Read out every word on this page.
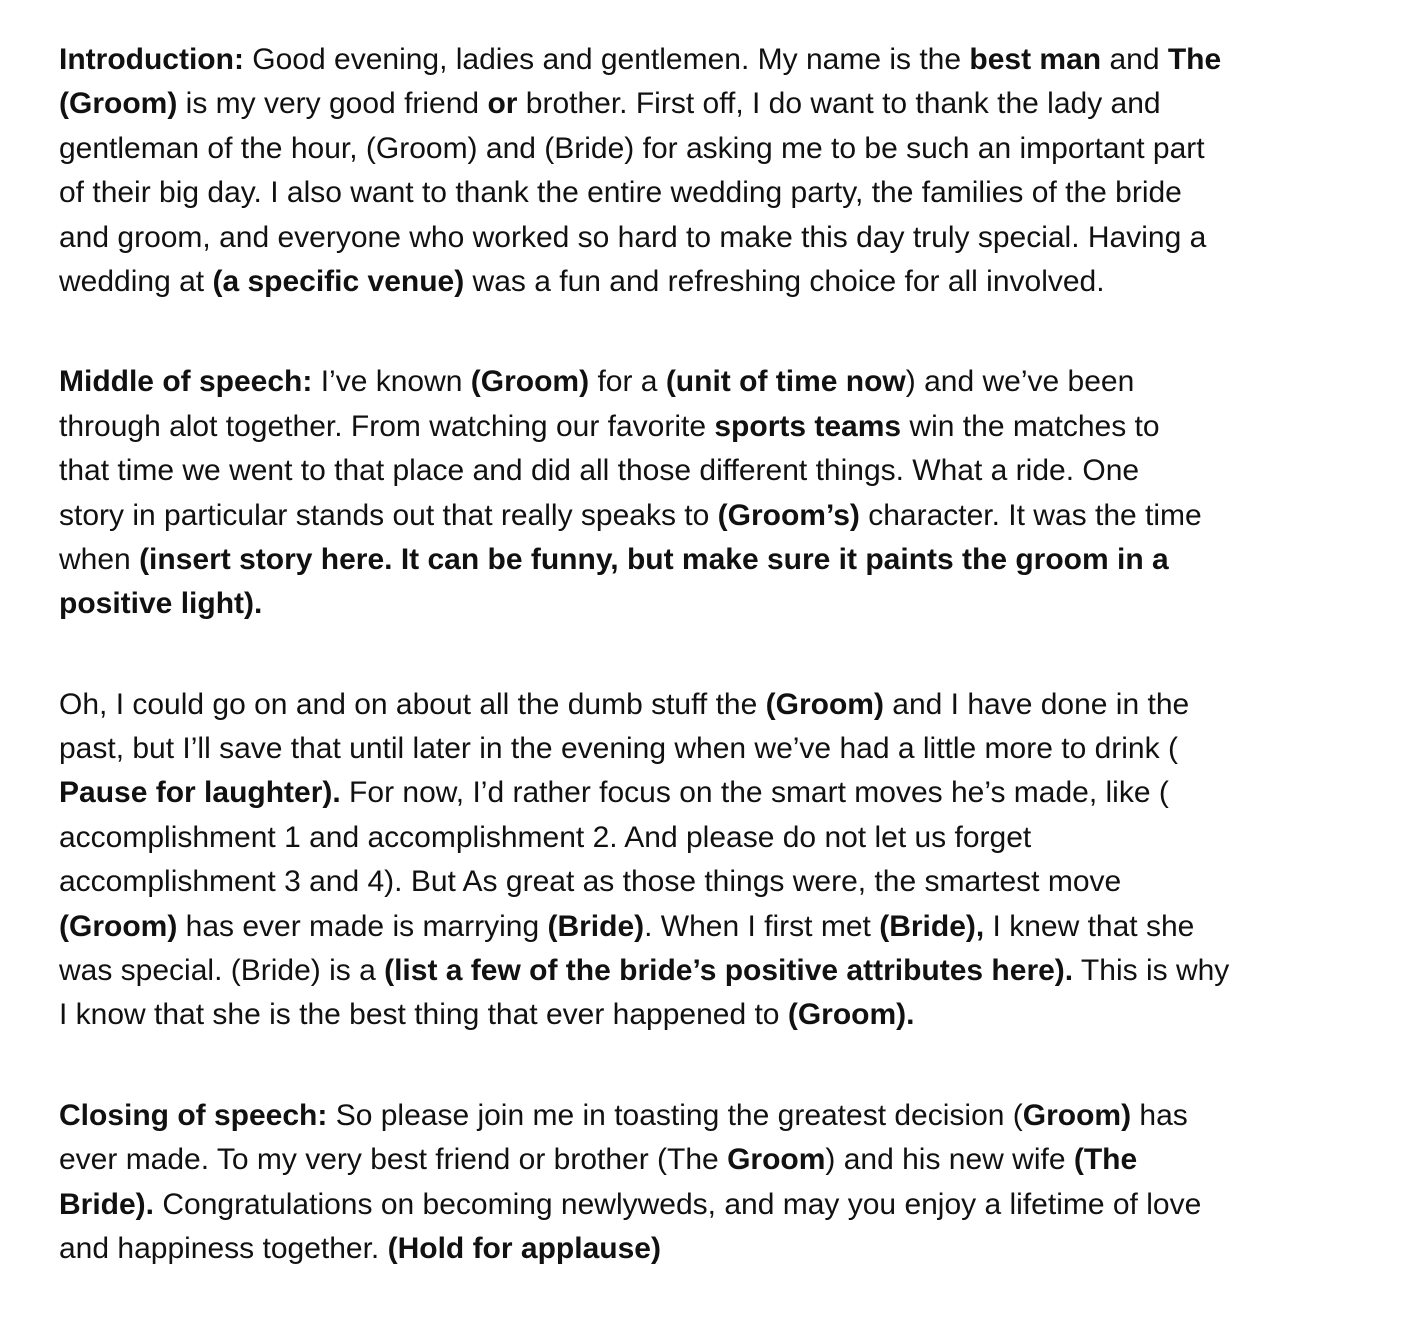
Introduction: Good evening, ladies and gentlemen. My name is the best man and The
(Groom) is my very good friend or brother. First off, I do want to thank the lady and
gentleman of the hour, (Groom) and (Bride) for asking me to be such an important part
of their big day. I also want to thank the entire wedding party, the families of the bride
and groom, and everyone who worked so hard to make this day truly special. Having a
wedding at (a specific venue) was a fun and refreshing choice for all involved.

Middle of speech: I’ve known (Groom) for a (unit of time now) and we’ve been
through alot together. From watching our favorite sports teams win the matches to
that time we went to that place and did all those different things. What a ride. One
story in particular stands out that really speaks to (Groom’s) character. It was the time
when (insert story here. It can be funny, but make sure it paints the groom in a
positive light).

Oh, I could go on and on about all the dumb stuff the (Groom) and I have done in the
past, but I’ll save that until later in the evening when we’ve had a little more to drink (
Pause for laughter). For now, I’d rather focus on the smart moves he’s made, like (
accomplishment 1 and accomplishment 2. And please do not let us forget
accomplishment 3 and 4). But As great as those things were, the smartest move
(Groom) has ever made is marrying (Bride). When I first met (Bride), I knew that she
was special. (Bride) is a (list a few of the bride’s positive attributes here). This is why
I know that she is the best thing that ever happened to (Groom).

Closing of speech: So please join me in toasting the greatest decision (Groom) has
ever made. To my very best friend or brother (The Groom) and his new wife (The
Bride). Congratulations on becoming newlyweds, and may you enjoy a lifetime of love
and happiness together. (Hold for applause)
